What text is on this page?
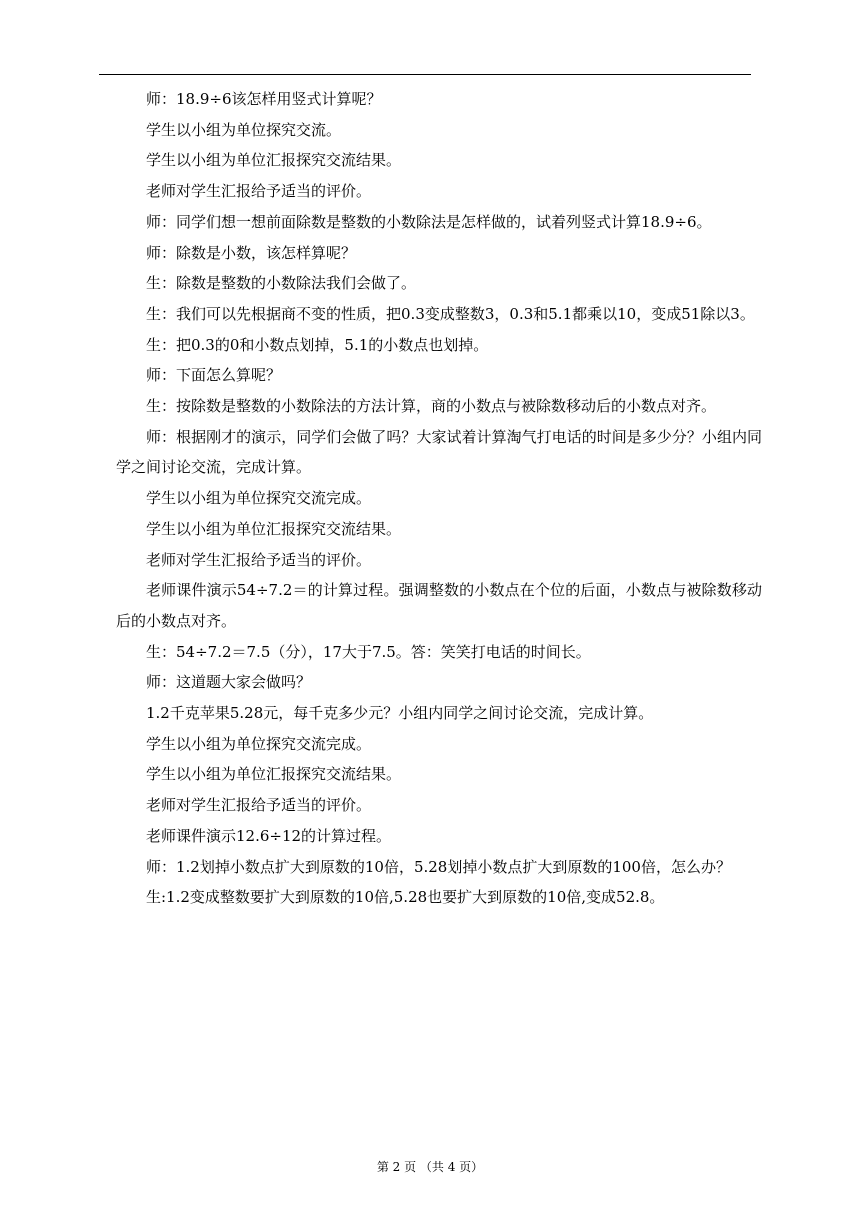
师：18.9÷6该怎样用竖式计算呢？

学生以小组为单位探究交流。

学生以小组为单位汇报探究交流结果。

老师对学生汇报给予适当的评价。

师：同学们想一想前面除数是整数的小数除法是怎样做的，试着列竖式计算18.9÷6。

师：除数是小数，该怎样算呢？

生：除数是整数的小数除法我们会做了。

生：我们可以先根据商不变的性质，把0.3变成整数3，0.3和5.1都乘以10，变成51除以3。

生：把0.3的0和小数点划掉，5.1的小数点也划掉。

师：下面怎么算呢？

生：按除数是整数的小数除法的方法计算，商的小数点与被除数移动后的小数点对齐。

师：根据刚才的演示，同学们会做了吗？大家试着计算淘气打电话的时间是多少分？小组内同学之间讨论交流，完成计算。

学生以小组为单位探究交流完成。

学生以小组为单位汇报探究交流结果。

老师对学生汇报给予适当的评价。

老师课件演示54÷7.2＝的计算过程。强调整数的小数点在个位的后面，小数点与被除数移动后的小数点对齐。

生：54÷7.2＝7.5（分），17大于7.5。答：笑笑打电话的时间长。

师：这道题大家会做吗？

1.2千克苹果5.28元，每千克多少元？小组内同学之间讨论交流，完成计算。

学生以小组为单位探究交流完成。

学生以小组为单位汇报探究交流结果。

老师对学生汇报给予适当的评价。

老师课件演示12.6÷12的计算过程。

师：1.2划掉小数点扩大到原数的10倍，5.28划掉小数点扩大到原数的100倍，怎么办？

生:1.2变成整数要扩大到原数的10倍,5.28也要扩大到原数的10倍,变成52.8。

第 2 页 （共 4 页）
